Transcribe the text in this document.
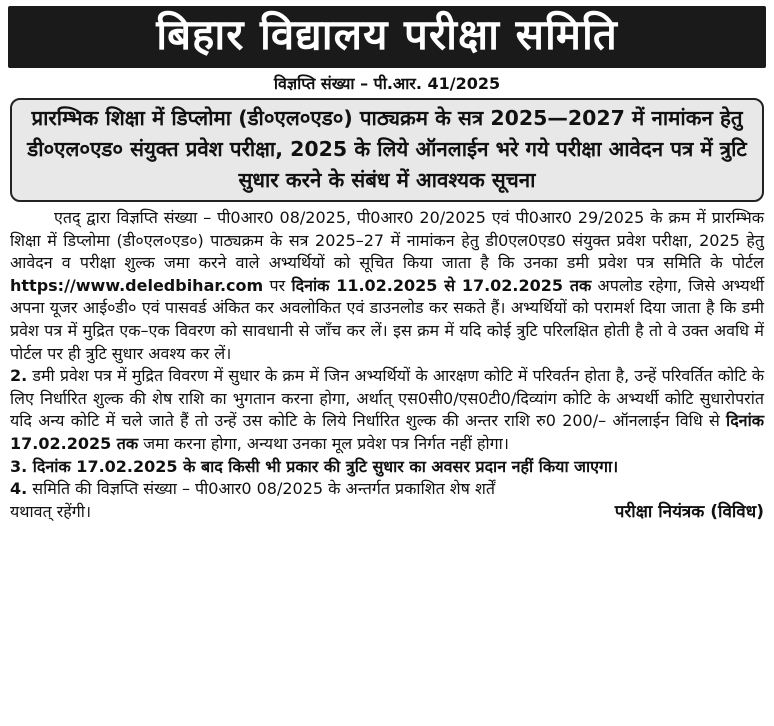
बिहार विद्यालय परीक्षा समिति
विज्ञप्ति संख्या – पी.आर. 41/2025
प्रारम्भिक शिक्षा में डिप्लोमा (डी०एल०एड०) पाठ्यक्रम के सत्र 2025—2027 में नामांकन हेतु डी०एल०एड० संयुक्त प्रवेश परीक्षा, 2025 के लिये ऑनलाईन भरे गये परीक्षा आवेदन पत्र में त्रुटि सुधार करने के संबंध में आवश्यक सूचना

एतद् द्वारा विज्ञप्ति संख्या – पी0आर0 08/2025, पी0आर0 20/2025 एवं पी0आर0 29/2025 के क्रम में प्रारम्भिक शिक्षा में डिप्लोमा (डी०एल०एड०) पाठ्यक्रम के सत्र 2025–27 में नामांकन हेतु डी0एल0एड0 संयुक्त प्रवेश परीक्षा, 2025 हेतु आवेदन व परीक्षा शुल्क जमा करने वाले अभ्यर्थियों को सूचित किया जाता है कि उनका डमी प्रवेश पत्र समिति के पोर्टल https://www.deledbihar.com पर दिनांक 11.02.2025 से 17.02.2025 तक अपलोड रहेगा, जिसे अभ्यर्थी अपना यूजर आई०डी० एवं पासवर्ड अंकित कर अवलोकित एवं डाउनलोड कर सकते हैं। अभ्यर्थियों को परामर्श दिया जाता है कि डमी प्रवेश पत्र में मुद्रित एक–एक विवरण को सावधानी से जाँच कर लें। इस क्रम में यदि कोई त्रुटि परिलक्षित होती है तो वे उक्त अवधि में पोर्टल पर ही त्रुटि सुधार अवश्य कर लें।

2. डमी प्रवेश पत्र में मुद्रित विवरण में सुधार के क्रम में जिन अभ्यर्थियों के आरक्षण कोटि में परिवर्तन होता है, उन्हें परिवर्तित कोटि के लिए निर्धारित शुल्क की शेष राशि का भुगतान करना होगा, अर्थात् एस0सी0/एस0टी0/दिव्यांग कोटि के अभ्यर्थी कोटि सुधारोपरांत यदि अन्य कोटि में चले जाते हैं तो उन्हें उस कोटि के लिये निर्धारित शुल्क की अन्तर राशि रु0 200/– ऑनलाईन विधि से दिनांक 17.02.2025 तक जमा करना होगा, अन्यथा उनका मूल प्रवेश पत्र निर्गत नहीं होगा।

3. दिनांक 17.02.2025 के बाद किसी भी प्रकार की त्रुटि सुधार का अवसर प्रदान नहीं किया जाएगा।

4. समिति की विज्ञप्ति संख्या – पी0आर0 08/2025 के अन्तर्गत प्रकाशित शेष शर्तें

यथावत् रहेंगी।	परीक्षा नियंत्रक (विविध)
